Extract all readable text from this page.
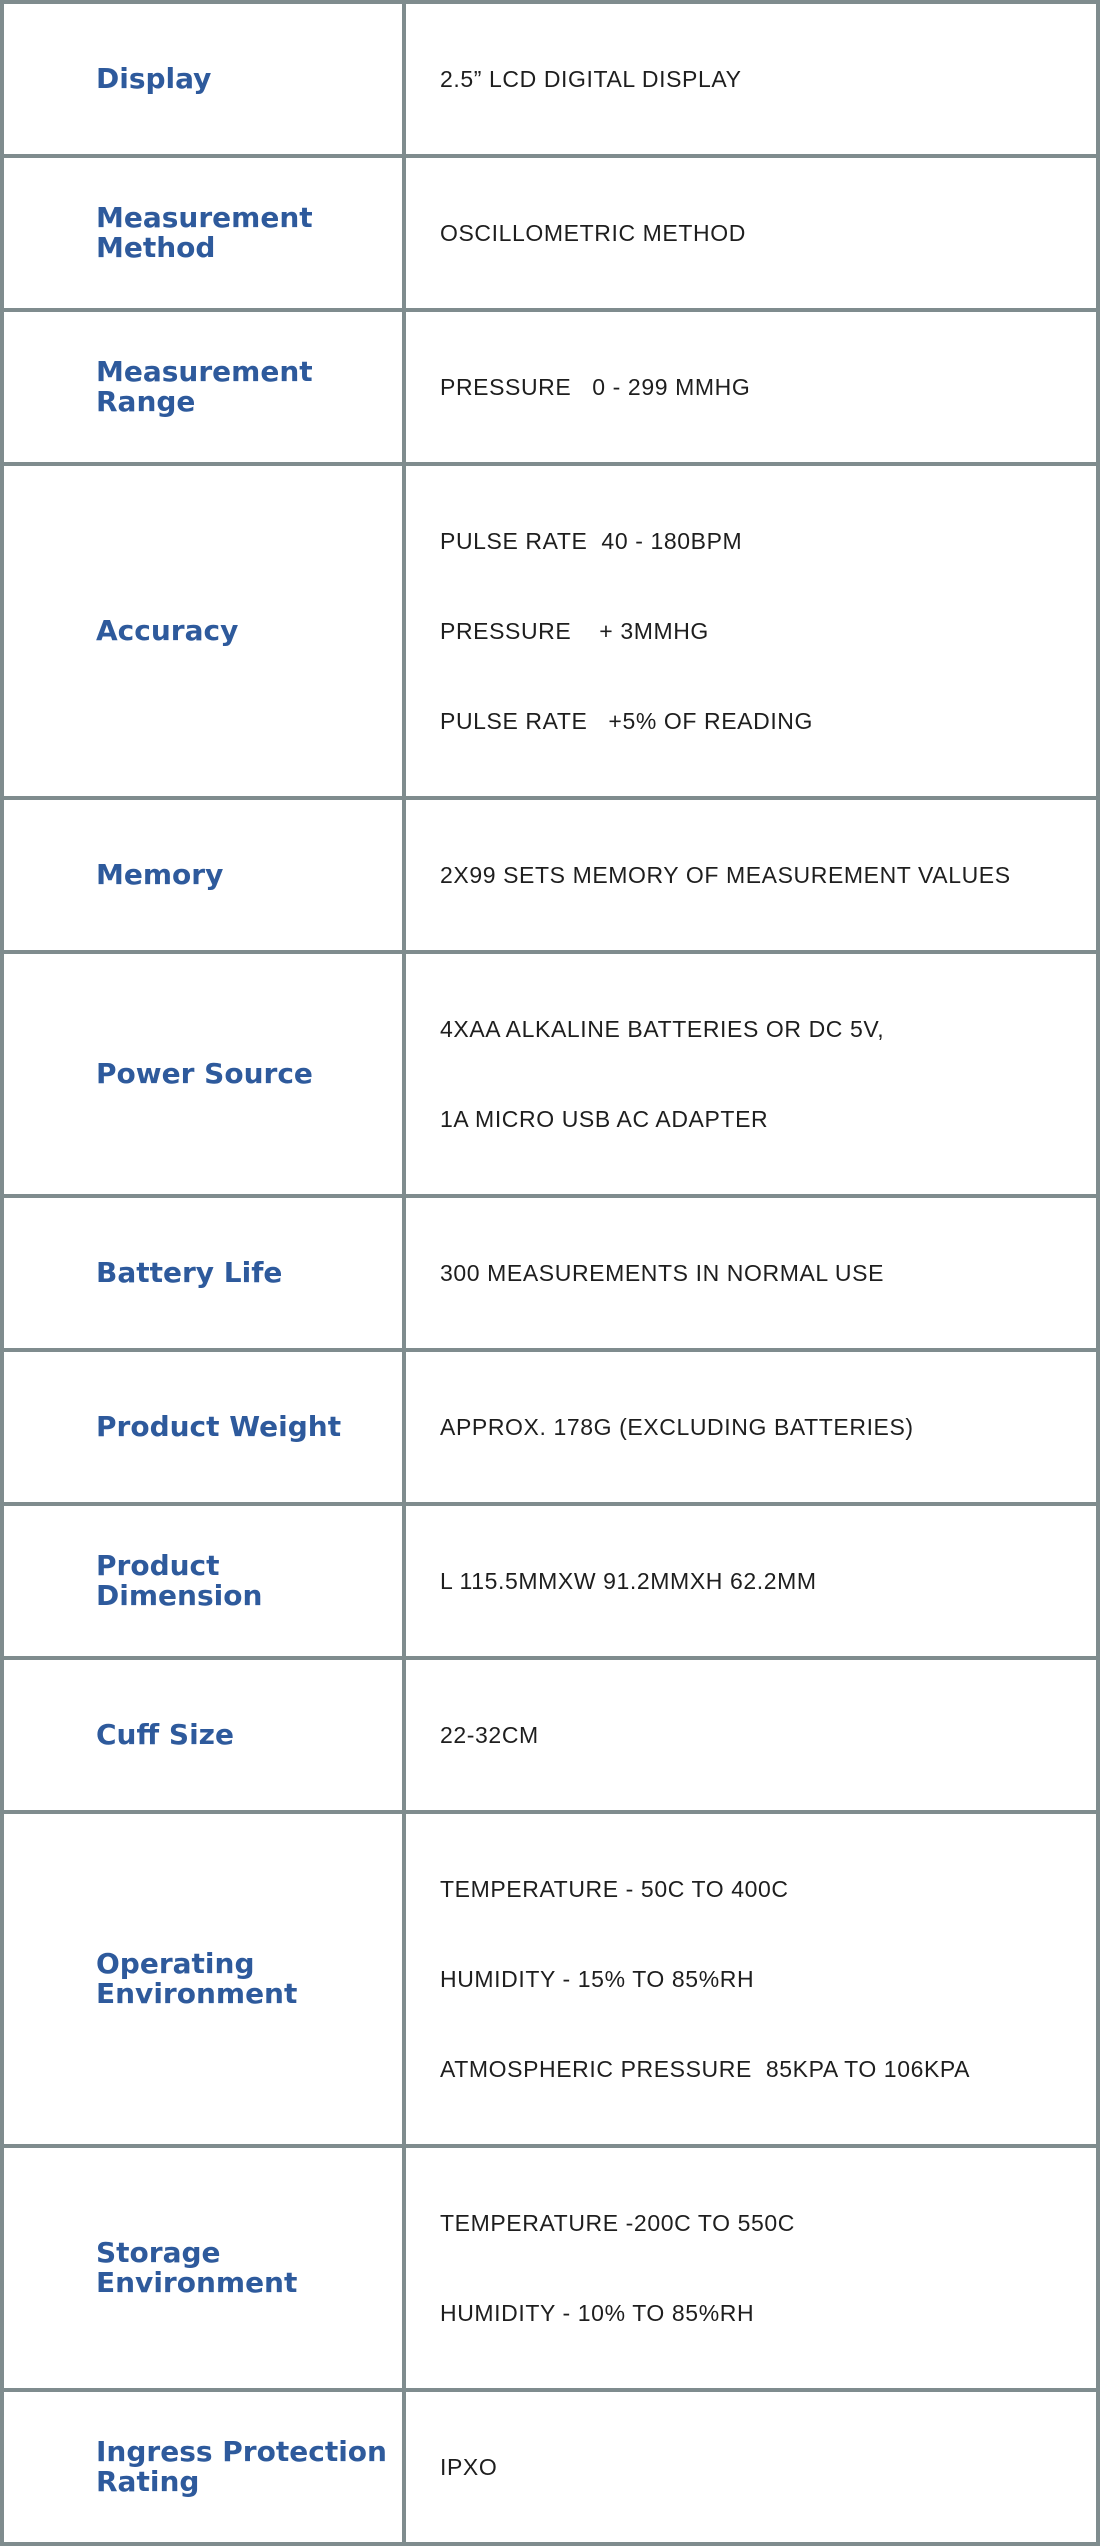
Display	2.5” LCD DIGITAL DISPLAY

Measurement Method	OSCILLOMETRIC METHOD

Measurement Range	PRESSURE   0 - 299 MMHG

Accuracy	PULSE RATE  40 - 180BPM

PRESSURE    + 3MMHG

PULSE RATE   +5% OF READING

Memory	2X99 SETS MEMORY OF MEASUREMENT VALUES

Power Source	4XAA ALKALINE BATTERIES OR DC 5V,

1A MICRO USB AC ADAPTER

Battery Life	300 MEASUREMENTS IN NORMAL USE

Product Weight	APPROX. 178G (EXCLUDING BATTERIES)

Product Dimension	L 115.5MMXW 91.2MMXH 62.2MM

Cuff Size	22-32CM

Operating Environment	TEMPERATURE - 50C TO 400C

HUMIDITY - 15% TO 85%RH

ATMOSPHERIC PRESSURE  85KPA TO 106KPA

Storage Environment	TEMPERATURE -200C TO 550C

HUMIDITY - 10% TO 85%RH

Ingress Protection Rating	IPXO
